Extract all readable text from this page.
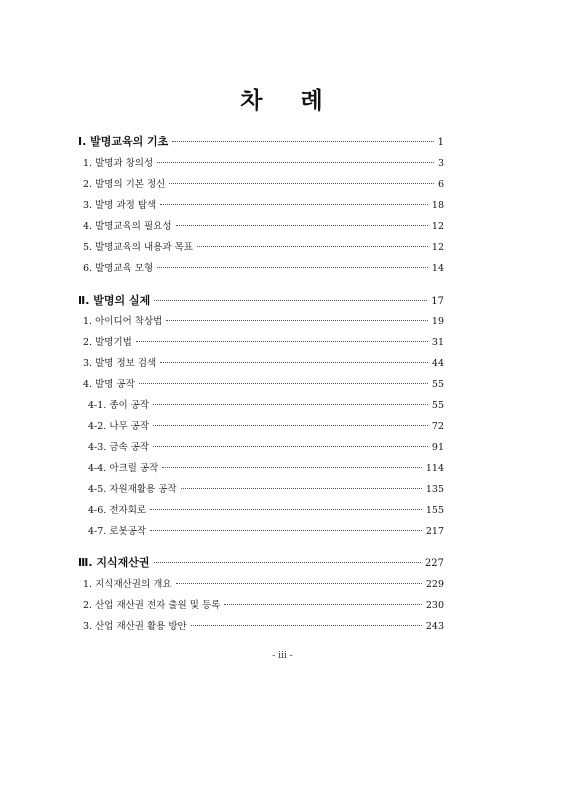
차 례
I. 발명교육의 기초	1
1. 발명과 창의성	3
2. 발명의 기본 정신	6
3. 발명 과정 탐색	18
4. 발명교육의 필요성	12
5. 발명교육의 내용과 목표	12
6. 발명교육 모형	14
Ⅱ. 발명의 실제	17
1. 아이디어 착상법	19
2. 발명기법	31
3. 발명 정보 검색	44
4. 발명 공작	55
4-1. 종이 공작	55
4-2. 나무 공작	72
4-3. 금속 공작	91
4-4. 아크릴 공작	114
4-5. 자원재활용 공작	135
4-6. 전자회로	155
4-7. 로봇공작	217
Ⅲ. 지식재산권	227
1. 지식재산권의 개요	229
2. 산업 재산권 전자 출원 및 등록	230
3. 산업 재산권 활용 방안	243
- iii -
